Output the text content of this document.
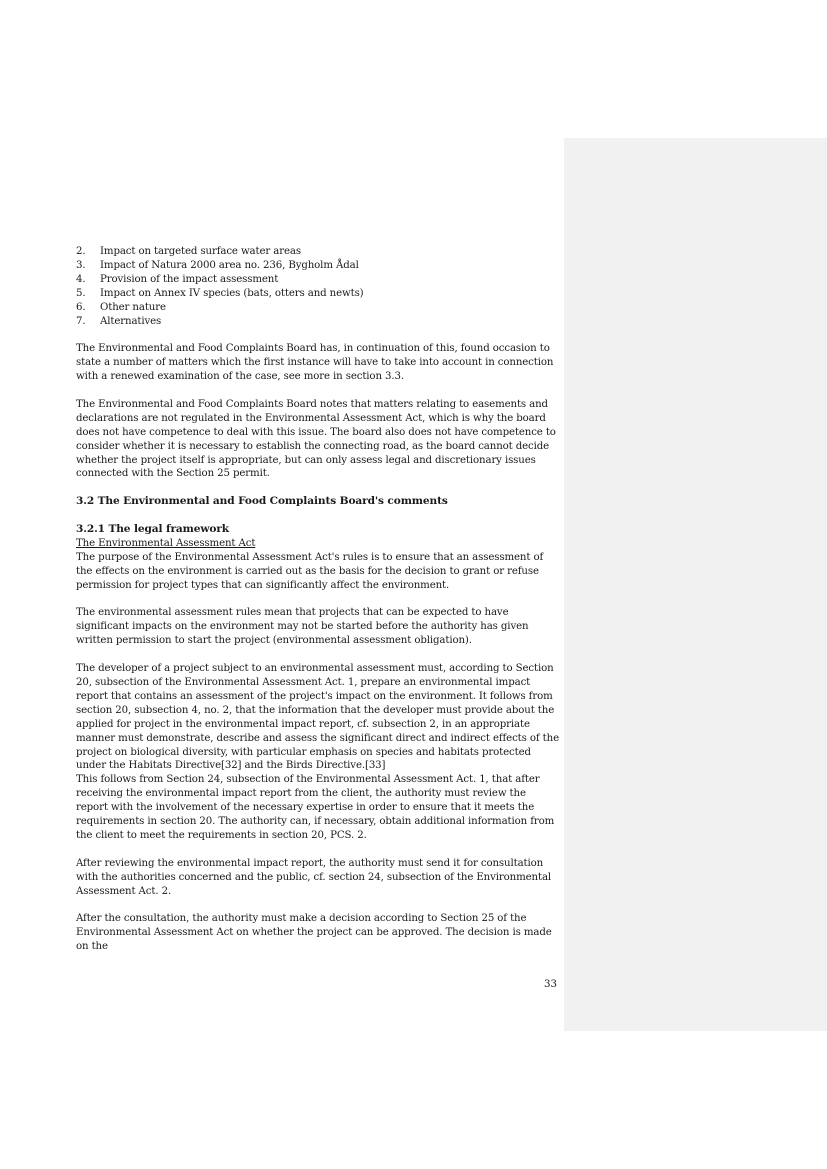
2.	Impact on targeted surface water areas
3.	Impact of Natura 2000 area no. 236, Bygholm Ådal
4.	Provision of the impact assessment
5.	Impact on Annex IV species (bats, otters and newts)
6.	Other nature
7.	Alternatives

The Environmental and Food Complaints Board has, in continuation of this, found occasion to state a number of matters which the first instance will have to take into account in connection with a renewed examination of the case, see more in section 3.3.

The Environmental and Food Complaints Board notes that matters relating to easements and declarations are not regulated in the Environmental Assessment Act, which is why the board does not have competence to deal with this issue. The board also does not have competence to consider whether it is necessary to establish the connecting road, as the board cannot decide whether the project itself is appropriate, but can only assess legal and discretionary issues connected with the Section 25 permit.

3.2 The Environmental and Food Complaints Board's comments
3.2.1 The legal framework
The Environmental Assessment Act

The purpose of the Environmental Assessment Act's rules is to ensure that an assessment of the effects on the environment is carried out as the basis for the decision to grant or refuse permission for project types that can significantly affect the environment.

The environmental assessment rules mean that projects that can be expected to have significant impacts on the environment may not be started before the authority has given written permission to start the project (environmental assessment obligation).

The developer of a project subject to an environmental assessment must, according to Section 20, subsection of the Environmental Assessment Act. 1, prepare an environmental impact report that contains an assessment of the project's impact on the environment. It follows from section 20, subsection 4, no. 2, that the information that the developer must provide about the applied for project in the environmental impact report, cf. subsection 2, in an appropriate manner must demonstrate, describe and assess the significant direct and indirect effects of the project on biological diversity, with particular emphasis on species and habitats protected under the Habitats Directive[32] and the Birds Directive.[33]

This follows from Section 24, subsection of the Environmental Assessment Act. 1, that after receiving the environmental impact report from the client, the authority must review the report with the involvement of the necessary expertise in order to ensure that it meets the requirements in section 20. The authority can, if necessary, obtain additional information from the client to meet the requirements in section 20, PCS. 2.

After reviewing the environmental impact report, the authority must send it for consultation with the authorities concerned and the public, cf. section 24, subsection of the Environmental Assessment Act. 2.

After the consultation, the authority must make a decision according to Section 25 of the Environmental Assessment Act on whether the project can be approved. The decision is made on the

33
